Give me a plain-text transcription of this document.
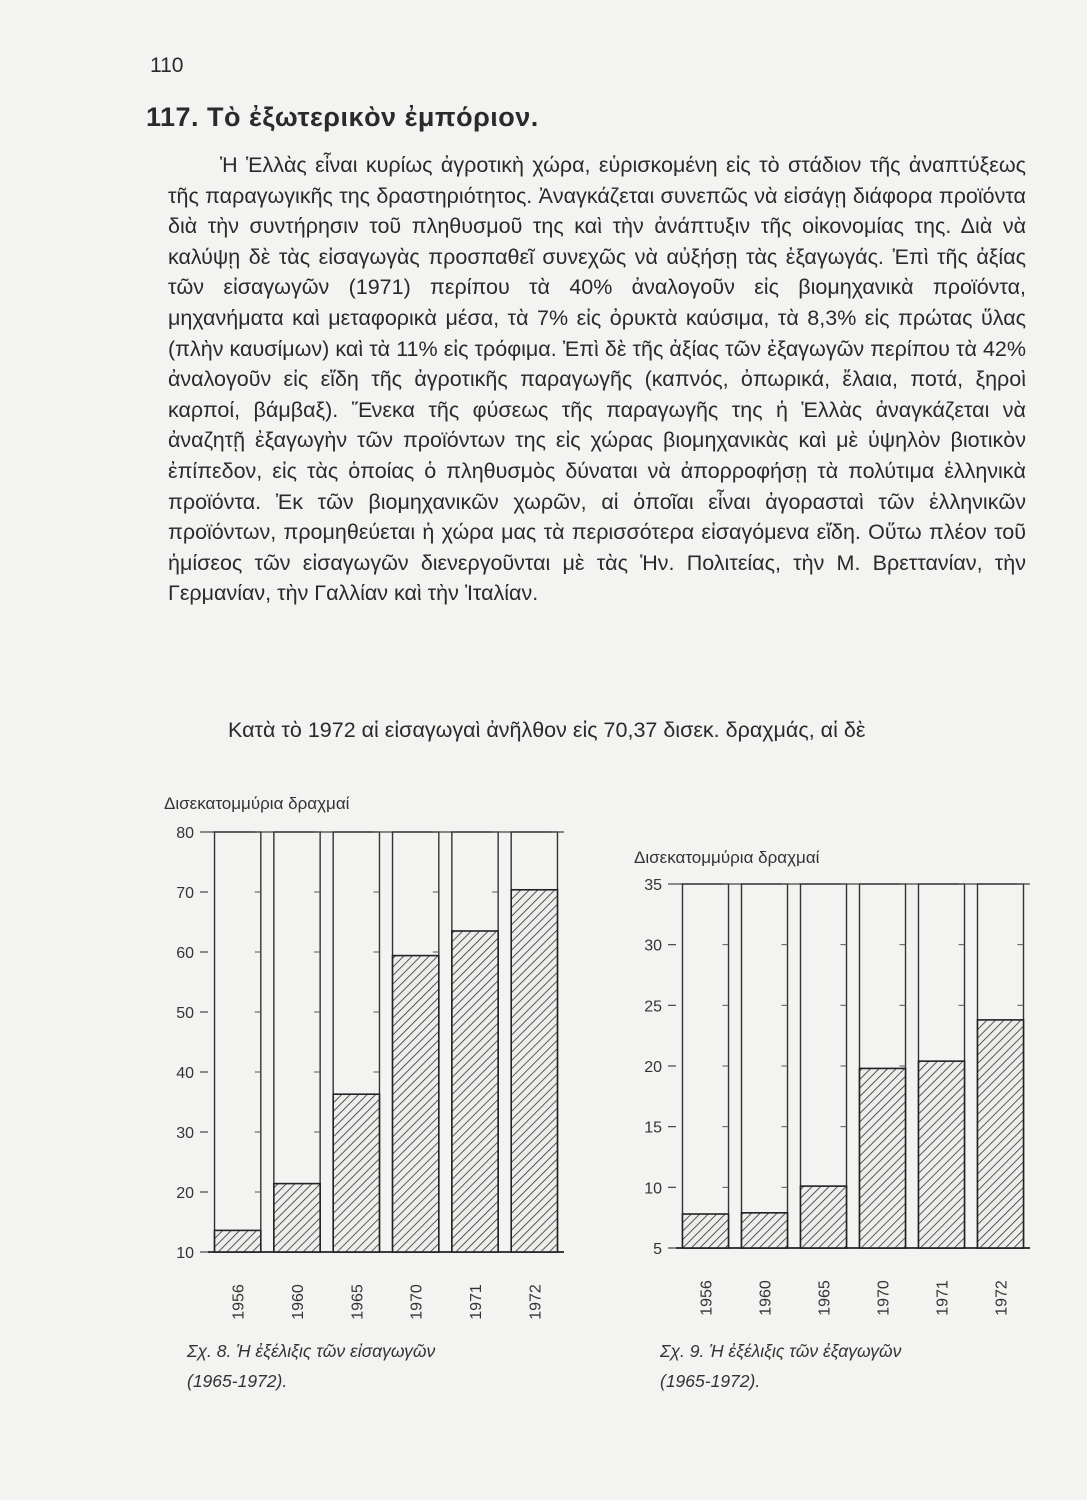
110
117. Τὸ ἐξωτερικὸν ἐμπόριον.

Ἡ Ἑλλὰς εἶναι κυρίως ἀγροτικὴ χώρα, εὑρισκομένη εἰς τὸ στάδιον τῆς ἀναπτύξεως τῆς παραγωγικῆς της δραστηριότητος. Ἀναγκάζεται συνεπῶς νὰ εἰσάγῃ διάφορα προϊόντα διὰ τὴν συντήρησιν τοῦ πληθυσμοῦ της καὶ τὴν ἀνάπτυξιν τῆς οἰκονομίας της. Διὰ νὰ καλύψῃ δὲ τὰς εἰσαγωγὰς προσπαθεῖ συνεχῶς νὰ αὐξήσῃ τὰς ἐξαγωγάς. Ἐπὶ τῆς ἀξίας τῶν εἰσαγωγῶν (1971) περίπου τὰ 40% ἀναλογοῦν εἰς βιομηχανικὰ προϊόντα, μηχανήματα καὶ μεταφορικὰ μέσα, τὰ 7% εἰς ὀρυκτὰ καύσιμα, τὰ 8,3% εἰς πρώτας ὕλας (πλὴν καυσίμων) καὶ τὰ 11% εἰς τρόφιμα. Ἐπὶ δὲ τῆς ἀξίας τῶν ἐξαγωγῶν περίπου τὰ 42% ἀναλογοῦν εἰς εἴδη τῆς ἀγροτικῆς παραγωγῆς (καπνός, ὀπωρικά, ἔλαια, ποτά, ξηροὶ καρποί, βάμβαξ). Ἕνεκα τῆς φύσεως τῆς παραγωγῆς της ἡ Ἑλλὰς ἀναγκάζεται νὰ ἀναζητῇ ἐξαγωγὴν τῶν προϊόντων της εἰς χώρας βιομηχανικὰς καὶ μὲ ὑψηλὸν βιοτικὸν ἐπίπεδον, εἰς τὰς ὁποίας ὁ πληθυσμὸς δύναται νὰ ἀπορροφήσῃ τὰ πολύτιμα ἑλληνικὰ προϊόντα. Ἐκ τῶν βιομηχανικῶν χωρῶν, αἱ ὁποῖαι εἶναι ἀγορασταὶ τῶν ἑλληνικῶν προϊόντων, προμηθεύεται ἡ χώρα μας τὰ περισσότερα εἰσαγόμενα εἴδη. Οὕτω πλέον τοῦ ἡμίσεος τῶν εἰσαγωγῶν διενεργοῦνται μὲ τὰς Ἡν. Πολιτείας, τὴν Μ. Βρεττανίαν, τὴν Γερμανίαν, τὴν Γαλλίαν καὶ τὴν Ἰταλίαν.

Κατὰ τὸ 1972 αἱ εἰσαγωγαὶ ἀνῆλθον εἰς 70,37 δισεκ. δραχμάς, αἱ δὲ
Δισεκατομμύρια δραχμαί
10
20
30
40
50
60
70
80
1956	1960	1965	1970	1971	1972
Σχ. 8. Ἡ ἐξέλιξις τῶν εἰσαγωγῶν
(1965-1972).
Δισεκατομμύρια δραχμαί
5
10
15
20
25
30
35
1956	1960	1965	1970	1971	1972
Σχ. 9. Ἡ ἐξέλιξις τῶν ἐξαγωγῶν
(1965-1972).
